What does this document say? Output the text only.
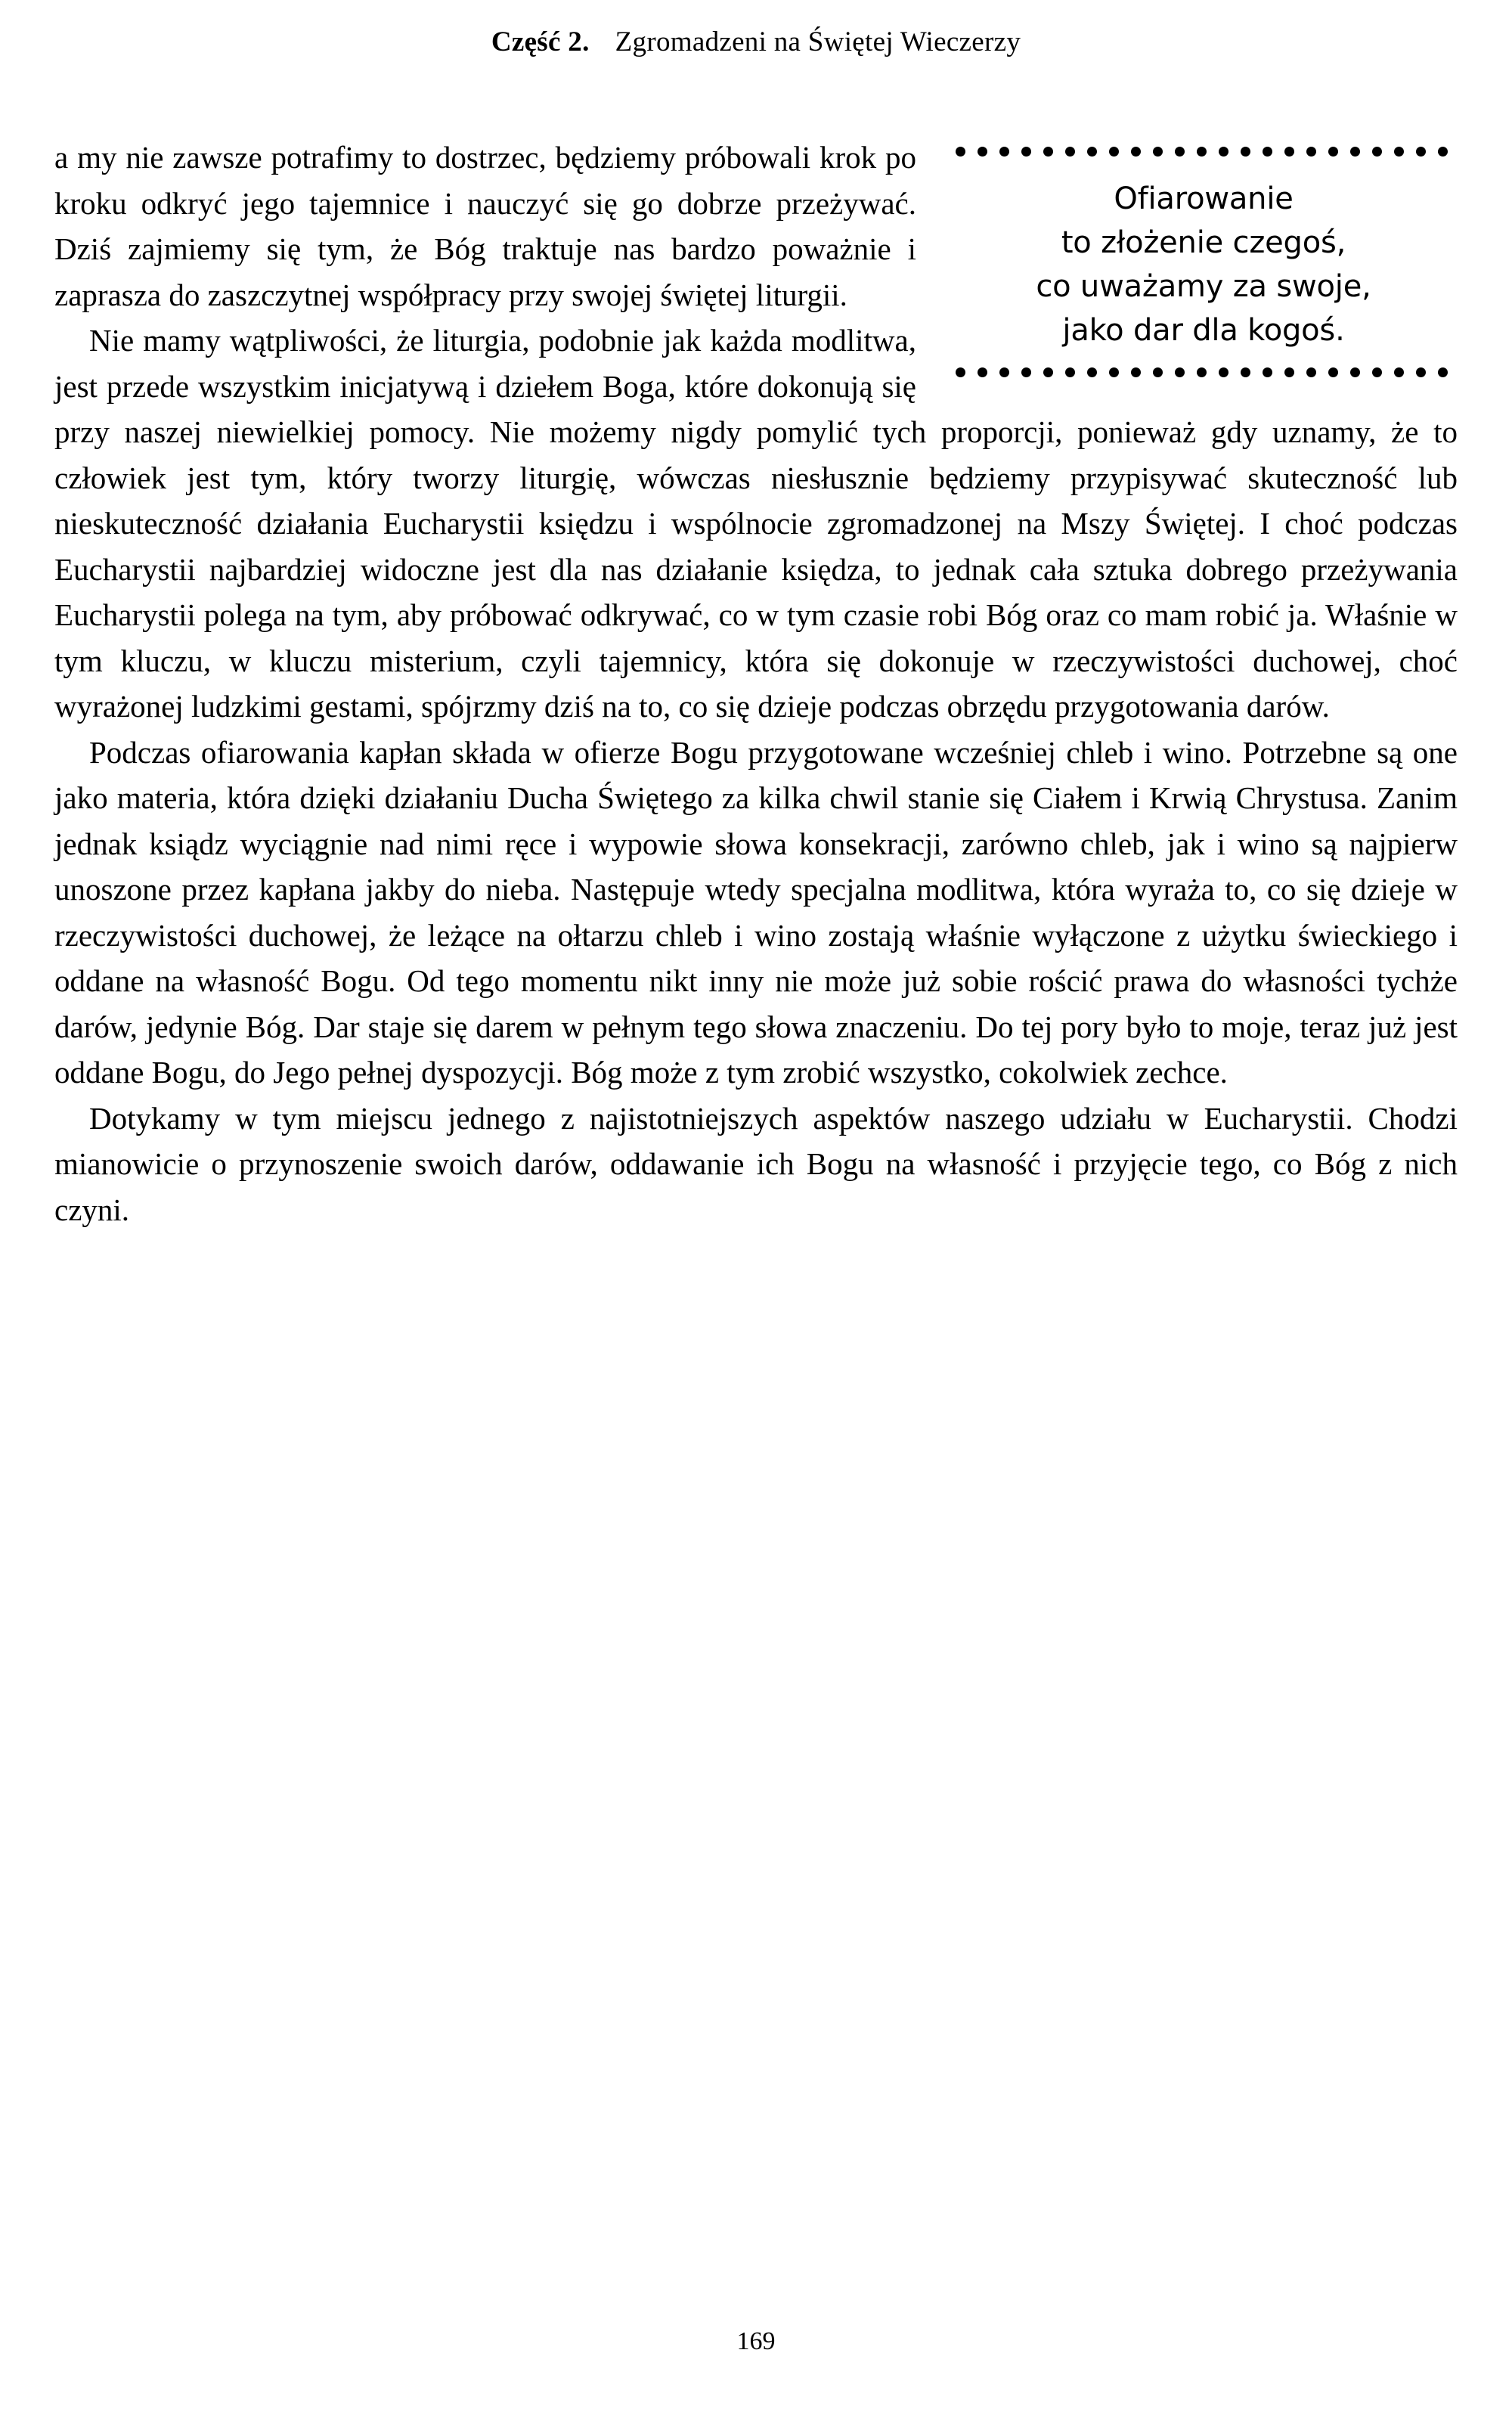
Część 2. Zgromadzeni na Świętej Wieczerzy
Ofiarowanie
to złożenie czegoś,
co uważamy za swoje,
jako dar dla kogoś.

a my nie zawsze potrafimy to dostrzec, będziemy próbowali krok po kroku odkryć jego tajemnice i nauczyć się go dobrze przeżywać. Dziś zajmiemy się tym, że Bóg traktuje nas bardzo poważnie i zaprasza do zaszczytnej współpracy przy swojej świętej liturgii.

Nie mamy wątpliwości, że liturgia, podobnie jak każda modlitwa, jest przede wszystkim inicjatywą i dziełem Boga, które dokonują się przy naszej niewielkiej pomocy. Nie możemy nigdy pomylić tych proporcji, ponieważ gdy uznamy, że to człowiek jest tym, który tworzy liturgię, wówczas niesłusznie będziemy przypisywać skuteczność lub nieskuteczność działania Eucharystii księdzu i wspólnocie zgromadzonej na Mszy Świętej. I choć podczas Eucharystii najbardziej widoczne jest dla nas działanie księdza, to jednak cała sztuka dobrego przeżywania Eucharystii polega na tym, aby próbować odkrywać, co w tym czasie robi Bóg oraz co mam robić ja. Właśnie w tym kluczu, w kluczu misterium, czyli tajemnicy, która się dokonuje w rzeczywistości duchowej, choć wyrażonej ludzkimi gestami, spójrzmy dziś na to, co się dzieje podczas obrzędu przygotowania darów.

Podczas ofiarowania kapłan składa w ofierze Bogu przygotowane wcześniej chleb i wino. Potrzebne są one jako materia, która dzięki działaniu Ducha Świętego za kilka chwil stanie się Ciałem i Krwią Chrystusa. Zanim jednak ksiądz wyciągnie nad nimi ręce i wypowie słowa konsekracji, zarówno chleb, jak i wino są najpierw unoszone przez kapłana jakby do nieba. Następuje wtedy specjalna modlitwa, która wyraża to, co się dzieje w rzeczywistości duchowej, że leżące na ołtarzu chleb i wino zostają właśnie wyłączone z użytku świeckiego i oddane na własność Bogu. Od tego momentu nikt inny nie może już sobie rościć prawa do własności tychże darów, jedynie Bóg. Dar staje się darem w pełnym tego słowa znaczeniu. Do tej pory było to moje, teraz już jest oddane Bogu, do Jego pełnej dyspozycji. Bóg może z tym zrobić wszystko, cokolwiek zechce.

Dotykamy w tym miejscu jednego z najistotniejszych aspektów naszego udziału w Eucharystii. Chodzi mianowicie o przynoszenie swoich darów, oddawanie ich Bogu na własność i przyjęcie tego, co Bóg z nich czyni.

169
